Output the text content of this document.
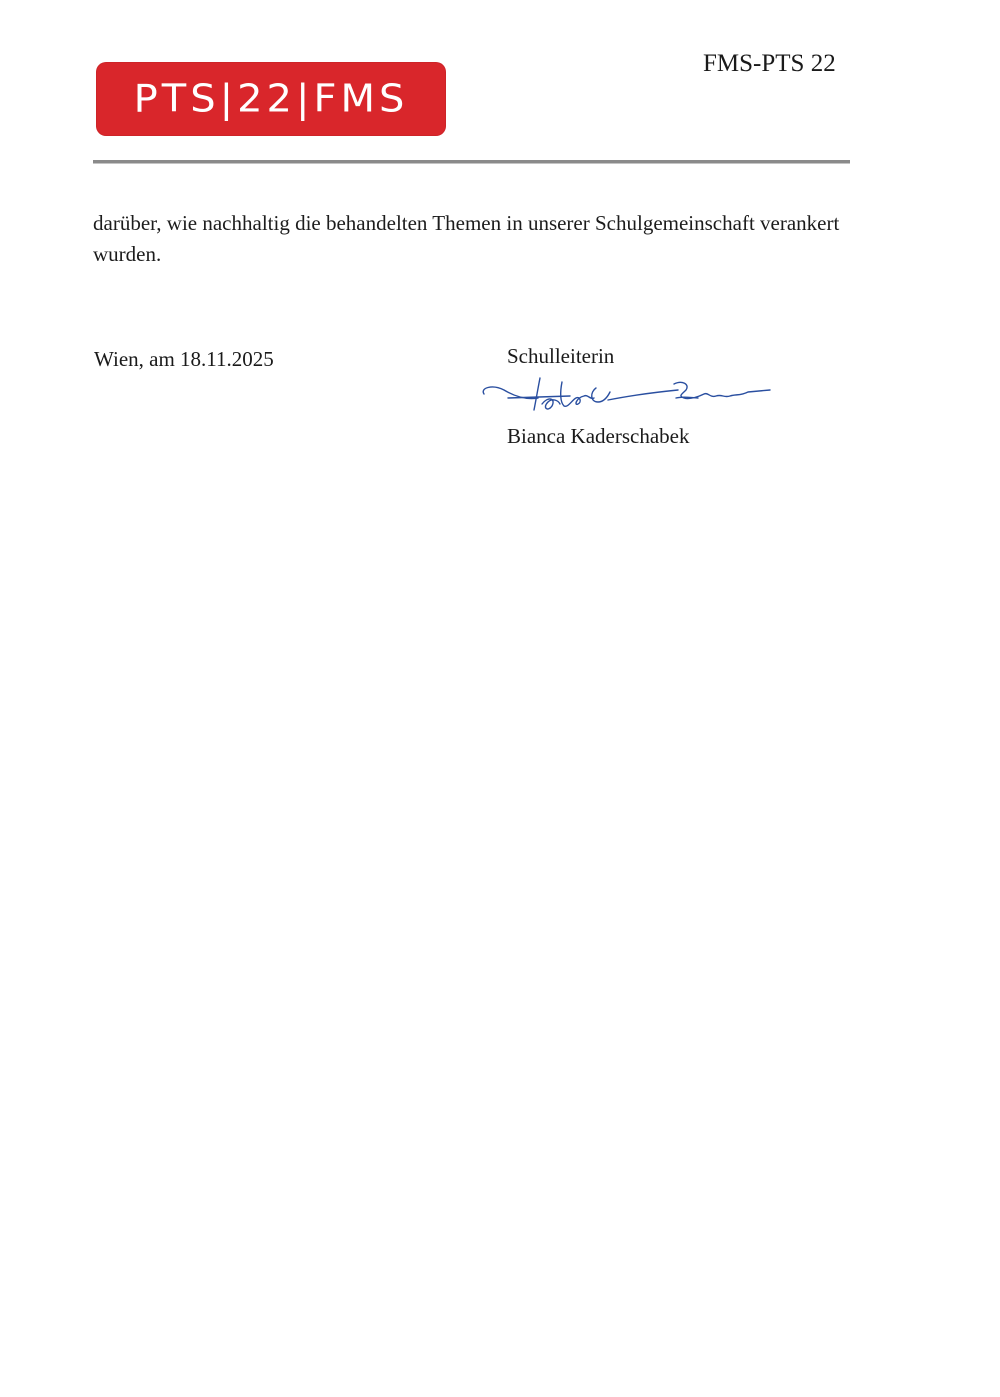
PTS|22|FMS
FMS-PTS 22

darüber, wie nachhaltig die behandelten Themen in unserer Schulgemeinschaft verankert wurden.

Wien, am 18.11.2025	Schulleiterin
Bianca Kaderschabek
